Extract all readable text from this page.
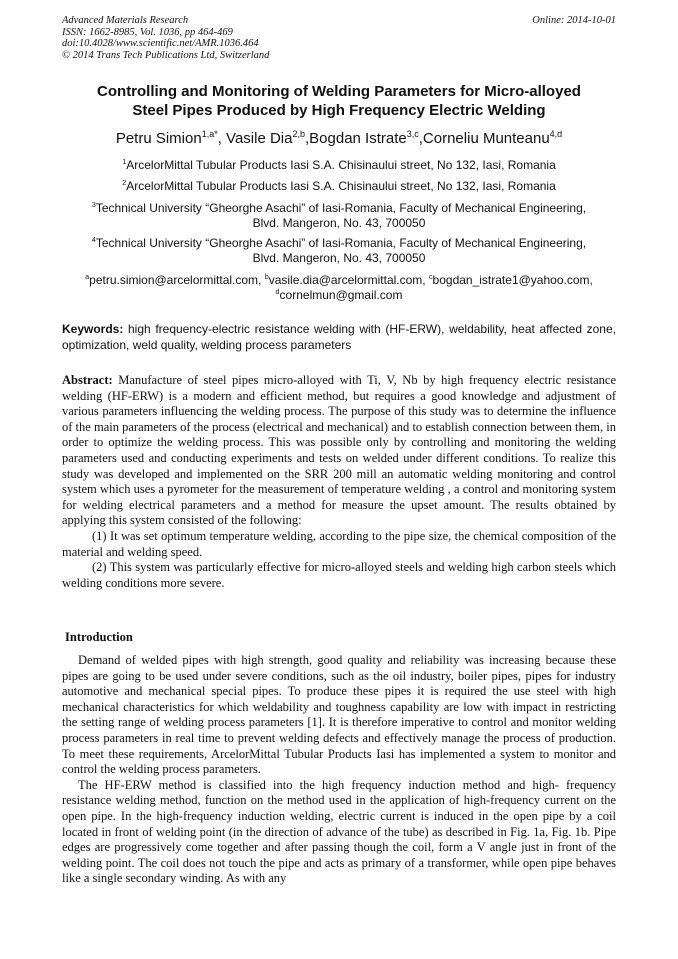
Advanced Materials Research
ISSN: 1662-8985, Vol. 1036, pp 464-469
doi:10.4028/www.scientific.net/AMR.1036.464
© 2014 Trans Tech Publications Ltd, Switzerland
Online: 2014-10-01
Controlling and Monitoring of Welding Parameters for Micro-alloyed
Steel Pipes Produced by High Frequency Electric Welding
Petru Simion$^{1,a*}$, Vasile Dia$^{2,b}$,Bogdan Istrate$^{3,c}$,Corneliu Munteanu$^{4,d}$
$^1$ArcelorMittal Tubular Products Iasi S.A. Chisinaului street, No 132, Iasi, Romania
$^2$ArcelorMittal Tubular Products Iasi S.A. Chisinaului street, No 132, Iasi, Romania
$^3$Technical University “Gheorghe Asachi” of Iasi-Romania, Faculty of Mechanical Engineering,
Blvd. Mangeron, No. 43, 700050
$^4$Technical University “Gheorghe Asachi” of Iasi-Romania, Faculty of Mechanical Engineering,
Blvd. Mangeron, No. 43, 700050
$^a$petru.simion@arcelormittal.com, $^b$vasile.dia@arcelormittal.com, $^c$bogdan_istrate1@yahoo.com,
$^d$cornelmun@gmail.com
Keywords: high frequency-electric resistance welding with (HF-ERW), weldability, heat affected zone, optimization, weld quality, welding process parameters

Abstract: Manufacture of steel pipes micro-alloyed with Ti, V, Nb by high frequency electric resistance welding (HF-ERW) is a modern and efficient method, but requires a good knowledge and adjustment of various parameters influencing the welding process. The purpose of this study was to determine the influence of the main parameters of the process (electrical and mechanical) and to establish connection between them, in order to optimize the welding process. This was possible only by controlling and monitoring the welding parameters used and conducting experiments and tests on welded under different conditions. To realize this study was developed and implemented on the SRR 200 mill an automatic welding monitoring and control system which uses a pyrometer for the measurement of temperature welding , a control and monitoring system for welding electrical parameters and a method for measure the upset amount. The results obtained by applying this system consisted of the following:

(1) It was set optimum temperature welding, according to the pipe size, the chemical composition of the material and welding speed.

(2) This system was particularly effective for micro-alloyed steels and welding high carbon steels which welding conditions more severe.

Introduction

Demand of welded pipes with high strength, good quality and reliability was increasing because these pipes are going to be used under severe conditions, such as the oil industry, boiler pipes, pipes for industry automotive and mechanical special pipes. To produce these pipes it is required the use steel with high mechanical characteristics for which weldability and toughness capability are low with impact in restricting the setting range of welding process parameters [1]. It is therefore imperative to control and monitor welding process parameters in real time to prevent welding defects and effectively manage the process of production. To meet these requirements, ArcelorMittal Tubular Products Iasi has implemented a system to monitor and control the welding process parameters.

The HF-ERW method is classified into the high frequency induction method and high- frequency resistance welding method, function on the method used in the application of high-frequency current on the open pipe. In the high-frequency induction welding, electric current is induced in the open pipe by a coil located in front of welding point (in the direction of advance of the tube) as described in Fig. 1a, Fig. 1b. Pipe edges are progressively come together and after passing though the coil, form a V angle just in front of the welding point. The coil does not touch the pipe and acts as primary of a transformer, while open pipe behaves like a single secondary winding. As with any
